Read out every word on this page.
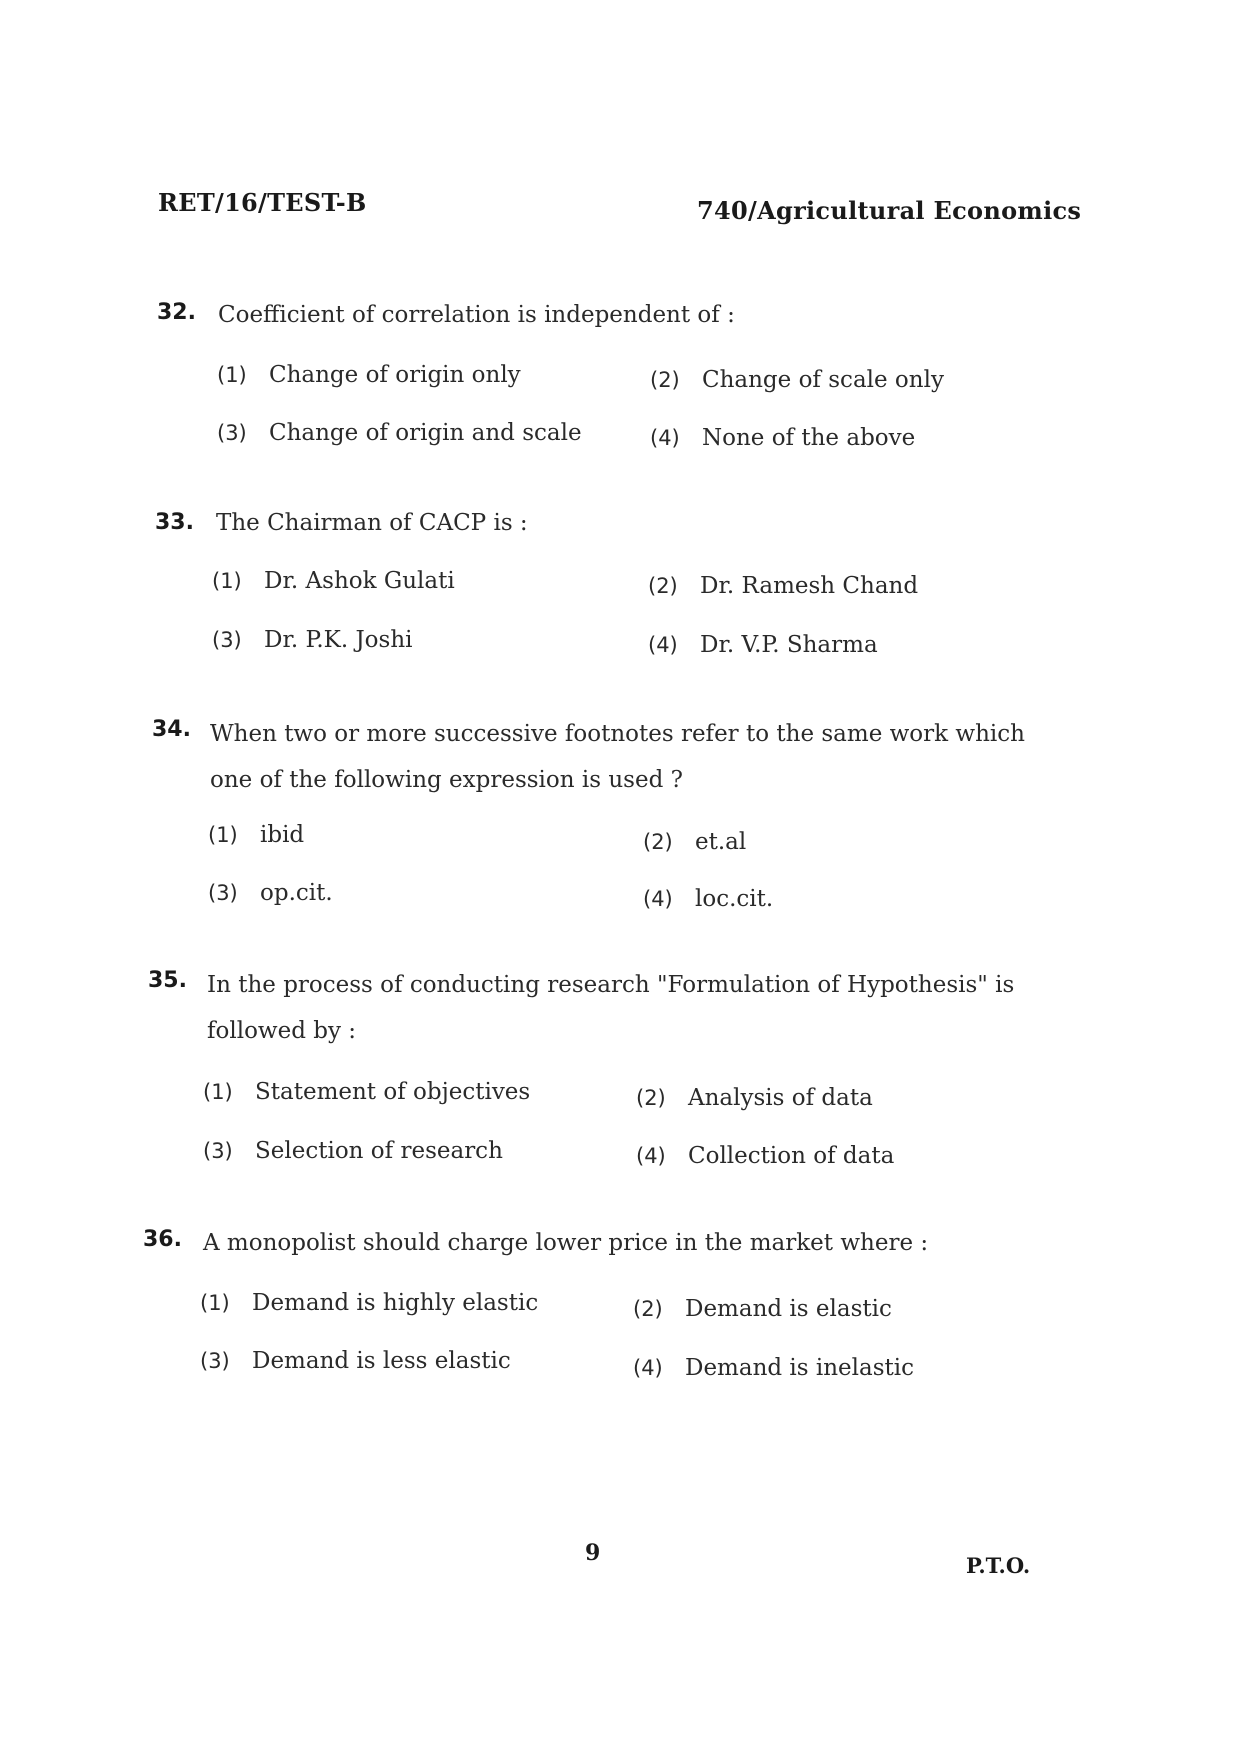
RET/16/TEST-B	740/Agricultural Economics
32. Coefficient of correlation is independent of :
(1) Change of origin only	(2) Change of scale only
(3) Change of origin and scale	(4) None of the above
33. The Chairman of CACP is :
(1) Dr. Ashok Gulati	(2) Dr. Ramesh Chand
(3) Dr. P.K. Joshi	(4) Dr. V.P. Sharma
34. When two or more successive footnotes refer to the same work which
one of the following expression is used ?
(1) ibid	(2) et.al
(3) op.cit.	(4) loc.cit.
35. In the process of conducting research "Formulation of Hypothesis" is
followed by :
(1) Statement of objectives	(2) Analysis of data
(3) Selection of research	(4) Collection of data
36. A monopolist should charge lower price in the market where :
(1) Demand is highly elastic	(2) Demand is elastic
(3) Demand is less elastic	(4) Demand is inelastic
9	P.T.O.
